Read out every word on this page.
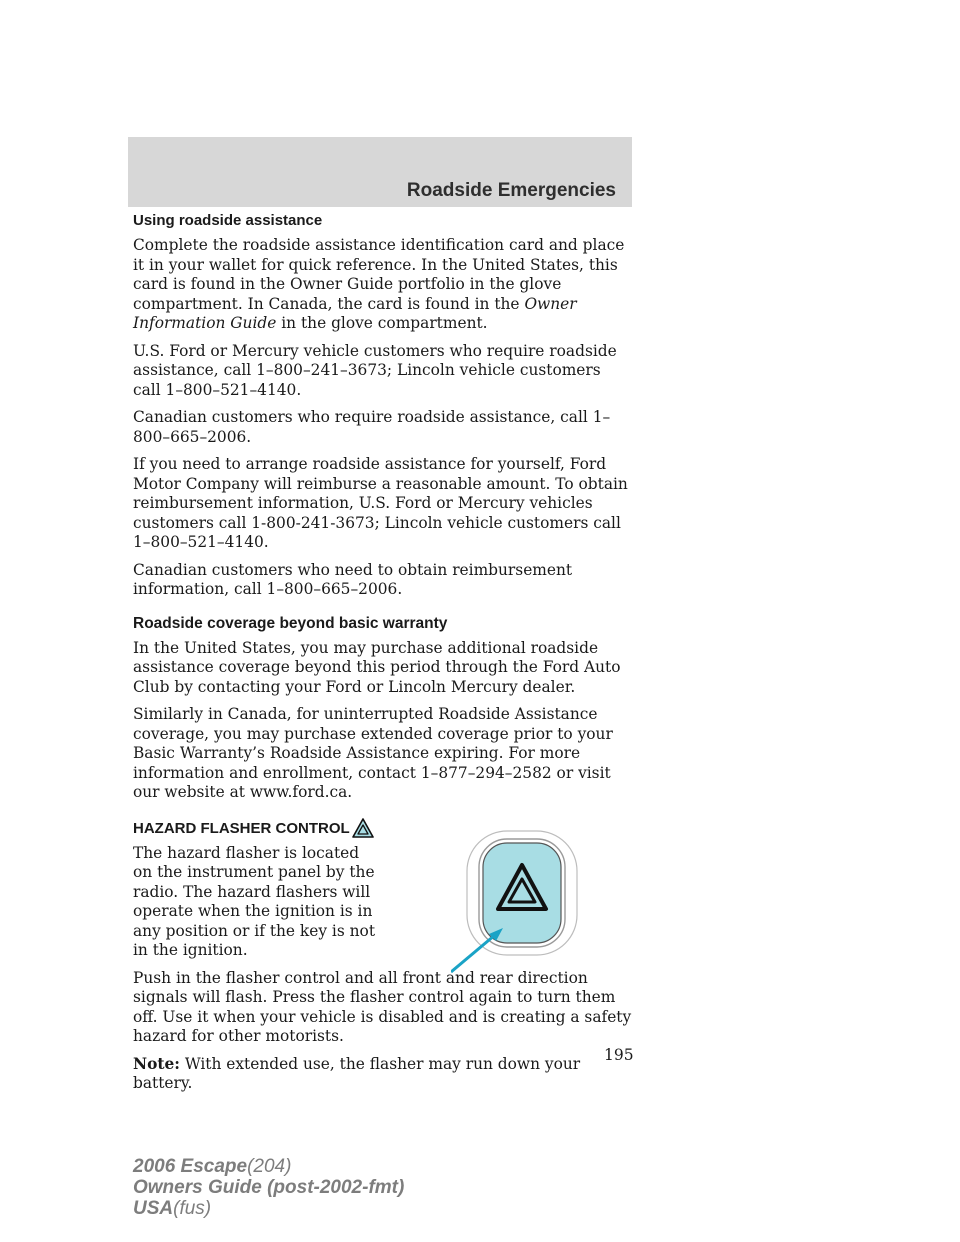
Roadside Emergencies
Using roadside assistance

Complete the roadside assistance identification card and place it in your wallet for quick reference. In the United States, this card is found in the Owner Guide portfolio in the glove compartment. In Canada, the card is found in the Owner Information Guide in the glove compartment.

U.S. Ford or Mercury vehicle customers who require roadside assistance, call 1–800–241–3673; Lincoln vehicle customers call 1–800–521–4140.

Canadian customers who require roadside assistance, call 1–800–665–2006.

If you need to arrange roadside assistance for yourself, Ford Motor Company will reimburse a reasonable amount. To obtain reimbursement information, U.S. Ford or Mercury vehicles customers call 1-800-241-3673; Lincoln vehicle customers call 1–800–521–4140.

Canadian customers who need to obtain reimbursement information, call 1–800–665–2006.

Roadside coverage beyond basic warranty

In the United States, you may purchase additional roadside assistance coverage beyond this period through the Ford Auto Club by contacting your Ford or Lincoln Mercury dealer.

Similarly in Canada, for uninterrupted Roadside Assistance coverage, you may purchase extended coverage prior to your Basic Warranty’s Roadside Assistance expiring. For more information and enrollment, contact 1–877–294–2582 or visit our website at www.ford.ca.

HAZARD FLASHER CONTROL

The hazard flasher is located on the instrument panel by the radio. The hazard flashers will operate when the ignition is in any position or if the key is not in the ignition.

Push in the flasher control and all front and rear direction signals will flash. Press the flasher control again to turn them off. Use it when your vehicle is disabled and is creating a safety hazard for other motorists.

Note: With extended use, the flasher may run down your battery.

195
2006 Escape(204)
Owners Guide (post-2002-fmt)
USA(fus)
